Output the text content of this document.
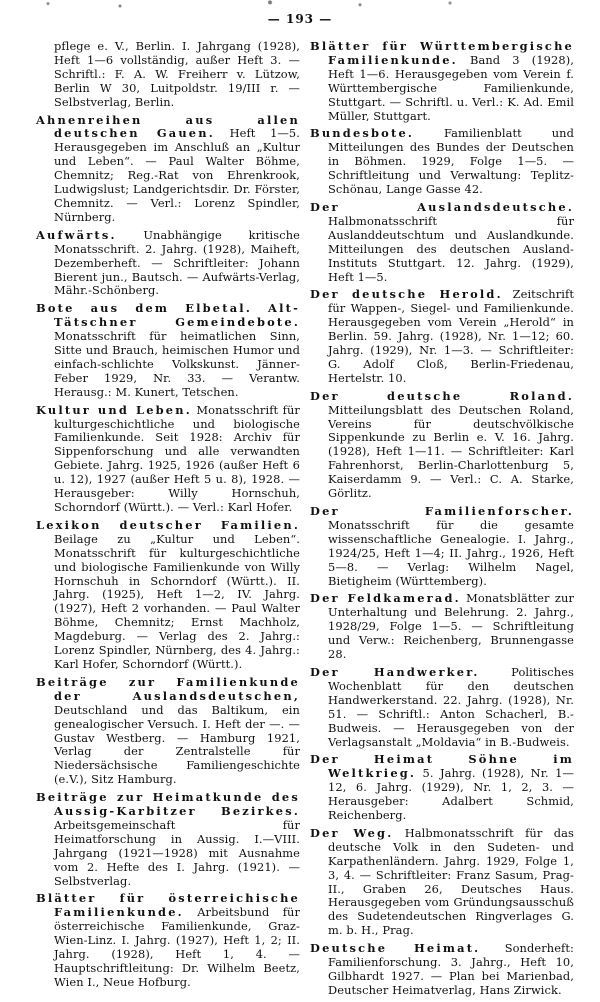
— 193 —

pflege e. V., Berlin. I. Jahrgang (1928), Heft 1—6 vollständig, außer Heft 3. — Schriftl.: F. A. W. Freiherr v. Lützow, Berlin W 30, Luitpoldstr. 19/III r. — Selbstverlag, Berlin.

Ahnenreihen aus allen deutschen Gauen. Heft 1—5. Herausgegeben im Anschluß an „Kultur und Leben“. — Paul Walter Böhme, Chemnitz; Reg.-Rat von Ehrenkrook, Ludwigslust; Landgerichtsdir. Dr. Förster, Chemnitz. — Verl.: Lorenz Spindler, Nürnberg.

Aufwärts. Unabhängige kritische Monatsschrift. 2. Jahrg. (1928), Maiheft, Dezemberheft. — Schriftleiter: Johann Bierent jun., Bautsch. — Aufwärts-Verlag, Mähr.-Schönberg.

Bote aus dem Elbetal. Alt-Tätschner Gemeindebote. Monatsschrift für heimatlichen Sinn, Sitte und Brauch, heimischen Humor und einfach-schlichte Volkskunst. Jänner-Feber 1929, Nr. 33. — Verantw. Herausg.: M. Kunert, Tetschen.

Kultur und Leben. Monatsschrift für kulturgeschichtliche und biologische Familienkunde. Seit 1928: Archiv für Sippenforschung und alle verwandten Gebiete. Jahrg. 1925, 1926 (außer Heft 6 u. 12), 1927 (außer Heft 5 u. 8), 1928. — Herausgeber: Willy Hornschuh, Schorndorf (Württ.). — Verl.: Karl Hofer.

Lexikon deutscher Familien. Beilage zu „Kultur und Leben“. Monatsschrift für kulturgeschichtliche und biologische Familienkunde von Willy Hornschuh in Schorndorf (Württ.). II. Jahrg. (1925), Heft 1—2, IV. Jahrg. (1927), Heft 2 vorhanden. — Paul Walter Böhme, Chemnitz; Ernst Machholz, Magdeburg. — Verlag des 2. Jahrg.: Lorenz Spindler, Nürnberg, des 4. Jahrg.: Karl Hofer, Schorndorf (Württ.).

Beiträge zur Familienkunde der Auslandsdeutschen, Deutschland und das Baltikum, ein genealogischer Versuch. I. Heft der —. — Gustav Westberg. — Hamburg 1921, Verlag der Zentralstelle für Niedersächsische Familiengeschichte (e.V.), Sitz Hamburg.

Beiträge zur Heimatkunde des Aussig-Karbitzer Bezirkes. Arbeitsgemeinschaft für Heimatforschung in Aussig. I.—VIII. Jahrgang (1921—1928) mit Ausnahme vom 2. Hefte des I. Jahrg. (1921). — Selbstverlag.

Blätter für österreichische Familienkunde. Arbeitsbund für österreichische Familienkunde, Graz-Wien-Linz. I. Jahrg. (1927), Heft 1, 2; II. Jahrg. (1928), Heft 1, 4. — Hauptschriftleitung: Dr. Wilhelm Beetz, Wien I., Neue Hofburg.

Blätter für Württembergische Familienkunde. Band 3 (1928), Heft 1—6. Herausgegeben vom Verein f. Württembergische Familienkunde, Stuttgart. — Schriftl. u. Verl.: K. Ad. Emil Müller, Stuttgart.

Bundesbote. Familienblatt und Mitteilungen des Bundes der Deutschen in Böhmen. 1929, Folge 1—5. — Schriftleitung und Verwaltung: Teplitz-Schönau, Lange Gasse 42.

Der Auslandsdeutsche. Halbmonatsschrift für Auslanddeutschtum und Auslandkunde. Mitteilungen des deutschen Ausland-Instituts Stuttgart. 12. Jahrg. (1929), Heft 1—5.

Der deutsche Herold. Zeitschrift für Wappen-, Siegel- und Familienkunde. Herausgegeben vom Verein „Herold“ in Berlin. 59. Jahrg. (1928), Nr. 1—12; 60. Jahrg. (1929), Nr. 1—3. — Schriftleiter: G. Adolf Cloß, Berlin-Friedenau, Hertelstr. 10.

Der deutsche Roland. Mitteilungsblatt des Deutschen Roland, Vereins für deutschvölkische Sippenkunde zu Berlin e. V. 16. Jahrg. (1928), Heft 1—11. — Schriftleiter: Karl Fahrenhorst, Berlin-Charlottenburg 5, Kaiserdamm 9. — Verl.: C. A. Starke, Görlitz.

Der Familienforscher. Monatsschrift für die gesamte wissenschaftliche Genealogie. I. Jahrg., 1924/25, Heft 1—4; II. Jahrg., 1926, Heft 5—8. — Verlag: Wilhelm Nagel, Bietigheim (Württemberg).

Der Feldkamerad. Monatsblätter zur Unterhaltung und Belehrung. 2. Jahrg., 1928/29, Folge 1—5. — Schriftleitung und Verw.: Reichenberg, Brunnengasse 28.

Der Handwerker. Politisches Wochenblatt für den deutschen Handwerkerstand. 22. Jahrg. (1928), Nr. 51. — Schriftl.: Anton Schacherl, B.-Budweis. — Herausgegeben von der Verlagsanstalt „Moldavia“ in B.-Budweis.

Der Heimat Söhne im Weltkrieg. 5. Jahrg. (1928), Nr. 1—12, 6. Jahrg. (1929), Nr. 1, 2, 3. — Herausgeber: Adalbert Schmid, Reichenberg.

Der Weg. Halbmonatsschrift für das deutsche Volk in den Sudeten- und Karpathenländern. Jahrg. 1929, Folge 1, 3, 4. — Schriftleiter: Franz Sasum, Prag-II., Graben 26, Deutsches Haus. Herausgegeben vom Gründungsausschuß des Sudetendeutschen Ringverlages G. m. b. H., Prag.

Deutsche Heimat. Sonderheft: Familienforschung. 3. Jahrg., Heft 10, Gilbhardt 1927. — Plan bei Marienbad, Deutscher Heimatverlag, Hans Zirwick.
